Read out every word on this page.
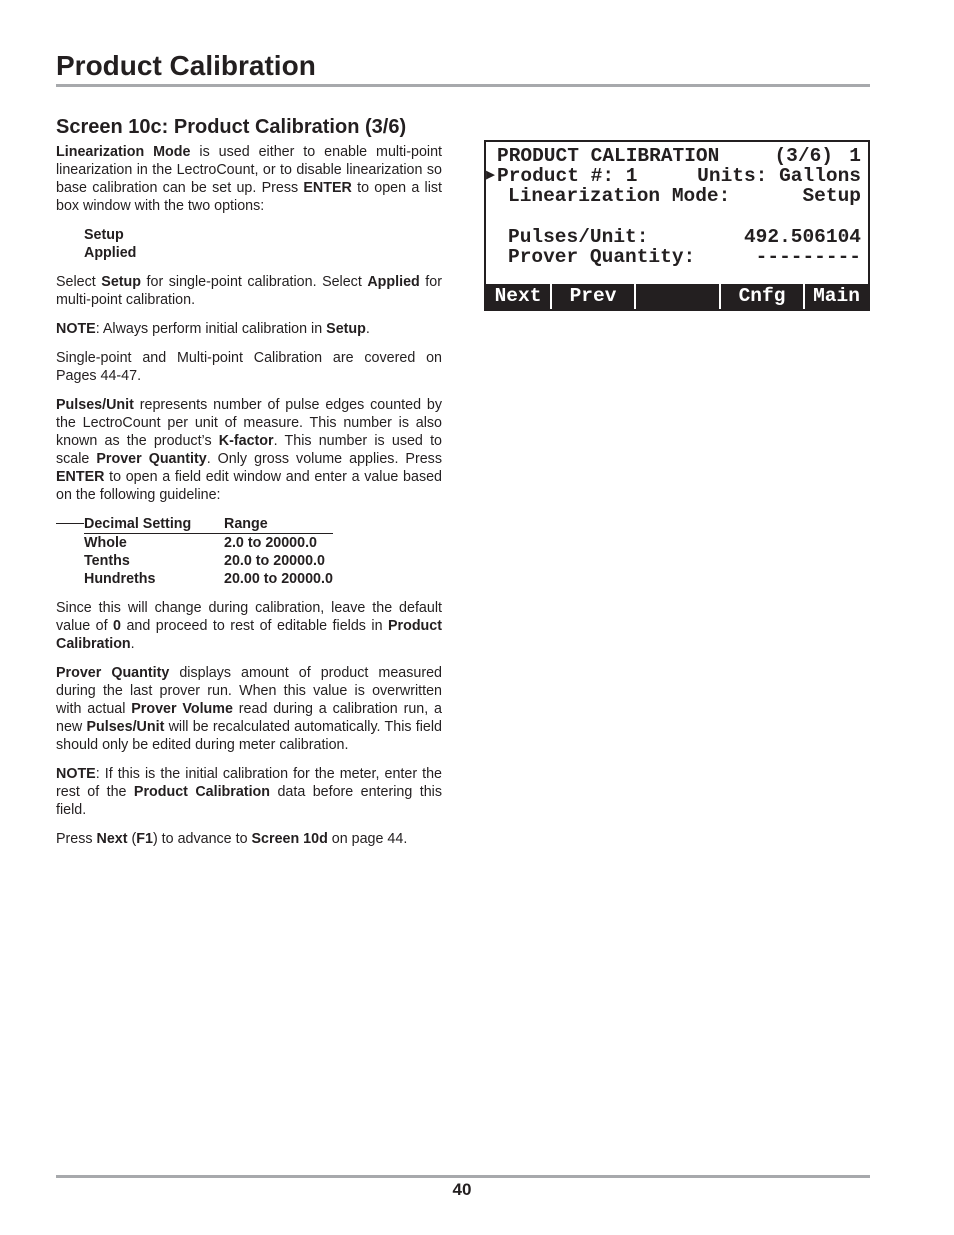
Product Calibration
Screen 10c: Product Calibration (3/6)

Linearization Mode is used either to enable multi-point linearization in the LectroCount, or to disable linearization so base calibration can be set up. Press ENTER to open a list box window with the two options:

Setup
Applied

Select Setup for single-point calibration. Select Applied for multi-point calibration.

NOTE: Always perform initial calibration in Setup.

Single-point and Multi-point Calibration are covered on Pages 44-47.

Pulses/Unit represents number of pulse edges counted by the LectroCount per unit of measure. This number is also known as the product’s K-factor. This number is used to scale Prover Quantity. Only gross volume applies. Press ENTER to open a field edit window and enter a value based on the following guideline:

Decimal Setting	Range
Whole	2.0 to 20000.0
Tenths	20.0 to 20000.0
Hundreths	20.00 to 20000.0

Since this will change during calibration, leave the default value of 0 and proceed to rest of editable fields in Product Calibration.

Prover Quantity displays amount of product measured during the last prover run. When this value is overwritten with actual Prover Volume read during a calibration run, a new Pulses/Unit will be recalculated automatically. This field should only be edited during meter calibration.

NOTE: If this is the initial calibration for the meter, enter the rest of the Product Calibration data before entering this field.

Press Next (F1) to advance to Screen 10d on page 44.

PRODUCT CALIBRATION	(3/6) 1
▶ Product #: 1	Units: Gallons
Linearization Mode:	Setup
Pulses/Unit:	492.506104
Prover Quantity:	---------
Next	Prev	Cnfg	Main
40
